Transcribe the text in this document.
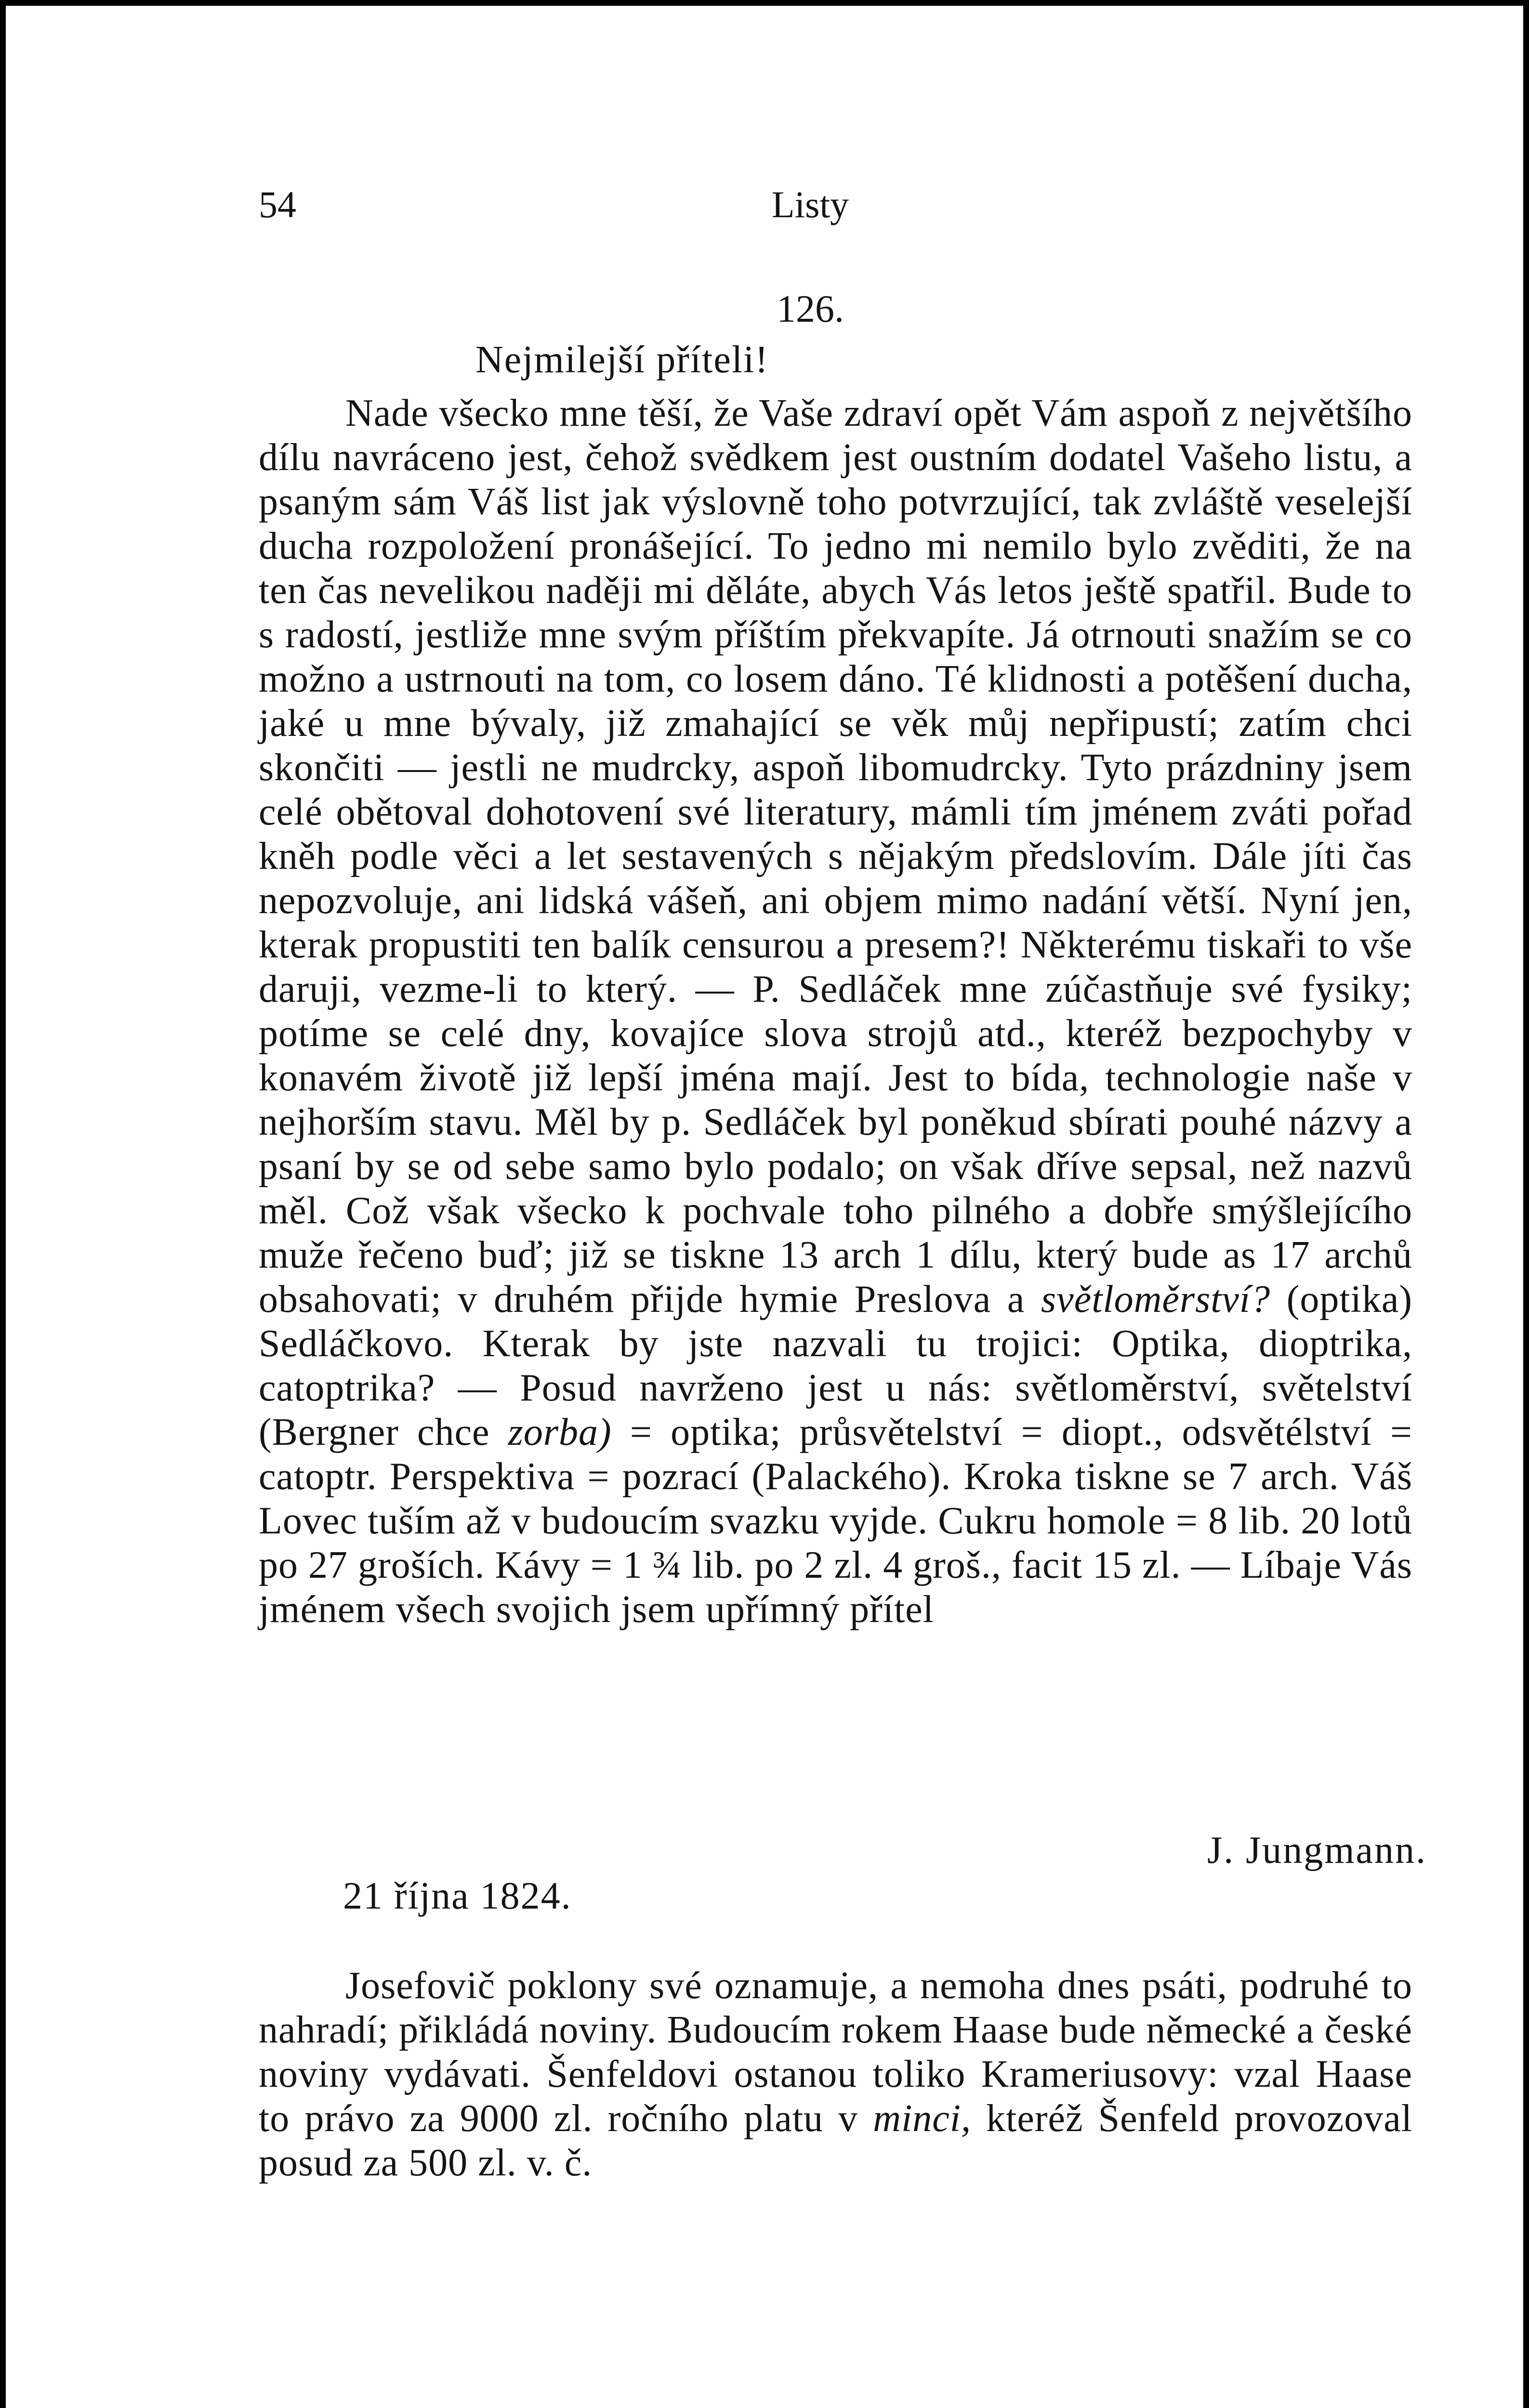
54	Listy
126.
Nejmilejší příteli!

Nade všecko mne těší, že Vaše zdraví opět Vám aspoň z největšího dílu navráceno jest, čehož svědkem jest oustním dodatel Vašeho listu, a psaným sám Váš list jak výslovně toho potvrzující, tak zvláště veselejší ducha rozpoložení pronášející. To jedno mi nemilo bylo zvěditi, že na ten čas nevelikou naději mi děláte, abych Vás letos ještě spatřil. Bude to s radostí, jestliže mne svým příštím překvapíte. Já otrnouti snažím se co možno a ustrnouti na tom, co losem dáno. Té klidnosti a potěšení ducha, jaké u mne bývaly, již zmahající se věk můj nepřipustí; zatím chci skončiti — jestli ne mudrcky, aspoň libomudrcky. Tyto prázdniny jsem celé obětoval dohotovení své literatury, mámli tím jménem zváti pořad kněh podle věci a let sestavených s nějakým předslovím. Dále jíti čas nepozvoluje, ani lidská vášeň, ani objem mimo nadání větší. Nyní jen, kterak propustiti ten balík censurou a presem?! Některému tiskaři to vše daruji, vezme-li to který. — P. Sedláček mne zúčastňuje své fysiky; potíme se celé dny, kovajíce slova strojů atd., kteréž bezpochyby v konavém životě již lepší jména mají. Jest to bída, technologie naše v nejhorším stavu. Měl by p. Sedláček byl poněkud sbírati pouhé názvy a psaní by se od sebe samo bylo podalo; on však dříve sepsal, než nazvů měl. Což však všecko k pochvale toho pilného a dobře smýšlejícího muže řečeno buď; již se tiskne 13 arch 1 dílu, který bude as 17 archů obsahovati; v druhém přijde hymie Preslova a světloměrství? (optika) Sedláčkovo. Kterak by jste nazvali tu trojici: Optika, dioptrika, catoptrika? — Posud navrženo jest u nás: světloměrství, světelství (Bergner chce zorba) = optika; průsvětelství = diopt., odsvětélství = catoptr. Perspektiva = pozrací (Palackého). Kroka tiskne se 7 arch. Váš Lovec tuším až v budoucím svazku vyjde. Cukru homole = 8 lib. 20 lotů po 27 groších. Kávy = 1 ¾ lib. po 2 zl. 4 groš., facit 15 zl. — Líbaje Vás jménem všech svojich jsem upřímný přítel

J. Jungmann.
21 října 1824.

Josefovič poklony své oznamuje, a nemoha dnes psáti, podruhé to nahradí; přikládá noviny. Budoucím rokem Haase bude německé a české noviny vydávati. Šenfeldovi ostanou toliko Krameriusovy: vzal Haase to právo za 9000 zl. ročního platu v minci, kteréž Šenfeld provozoval posud za 500 zl. v. č.
